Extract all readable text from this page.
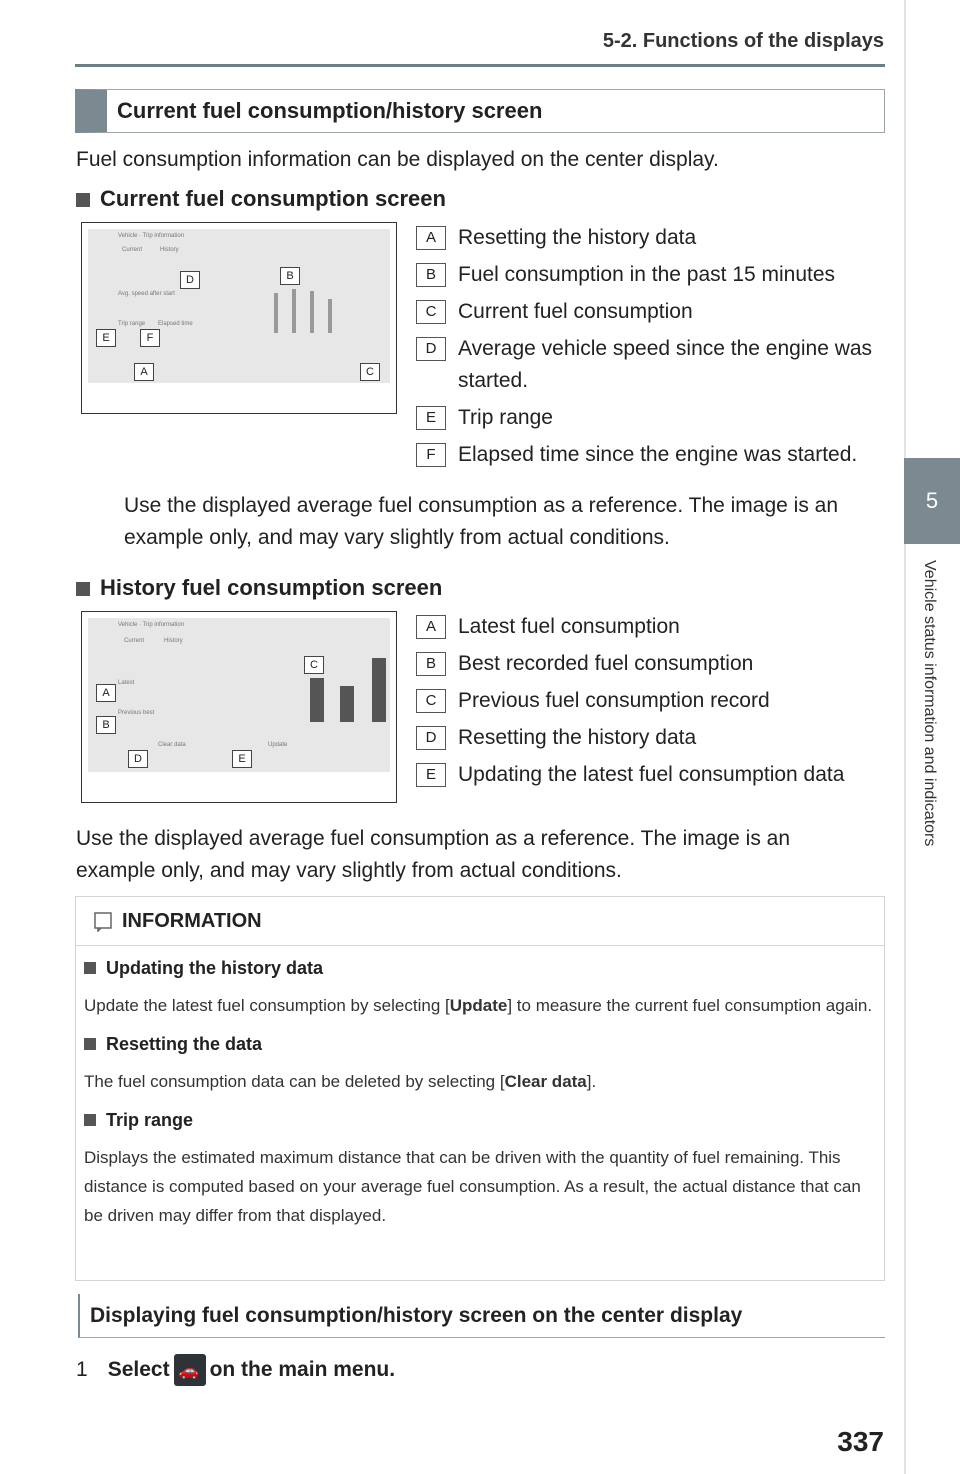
5-2. Functions of the displays
5
Vehicle status information and indicators
Current fuel consumption/history screen
Fuel consumption information can be displayed on the center display.
Current fuel consumption screen
Vehicle · Trip information
Current	History
Avg. speed after start
Trip range Elapsed time
D	B
E	F
A	C
A	Resetting the history data
B	Fuel consumption in the past 15 minutes
C	Current fuel consumption
D	Average vehicle speed since the engine was started.
E	Trip range
F	Elapsed time since the engine was started.
Use the displayed average fuel consumption as a reference. The image is an example only, and may vary slightly from actual conditions.
History fuel consumption screen
Vehicle · Trip information
Current	History
Latest
Previous best
Clear data	Update
C
A
B
D	E
A	Latest fuel consumption
B	Best recorded fuel consumption
C	Previous fuel consumption record
D	Resetting the history data
E	Updating the latest fuel consumption data
Use the displayed average fuel consumption as a reference. The image is an example only, and may vary slightly from actual conditions.
INFORMATION

Updating the history data

Update the latest fuel consumption by selecting [Update] to measure the current fuel consumption again.

Resetting the data

The fuel consumption data can be deleted by selecting [Clear data].

Trip range

Displays the estimated maximum distance that can be driven with the quantity of fuel remaining. This distance is computed based on your average fuel consumption. As a result, the actual distance that can be driven may differ from that displayed.
Displaying fuel consumption/history screen on the center display
1 Select 🚗 on the main menu.
337
